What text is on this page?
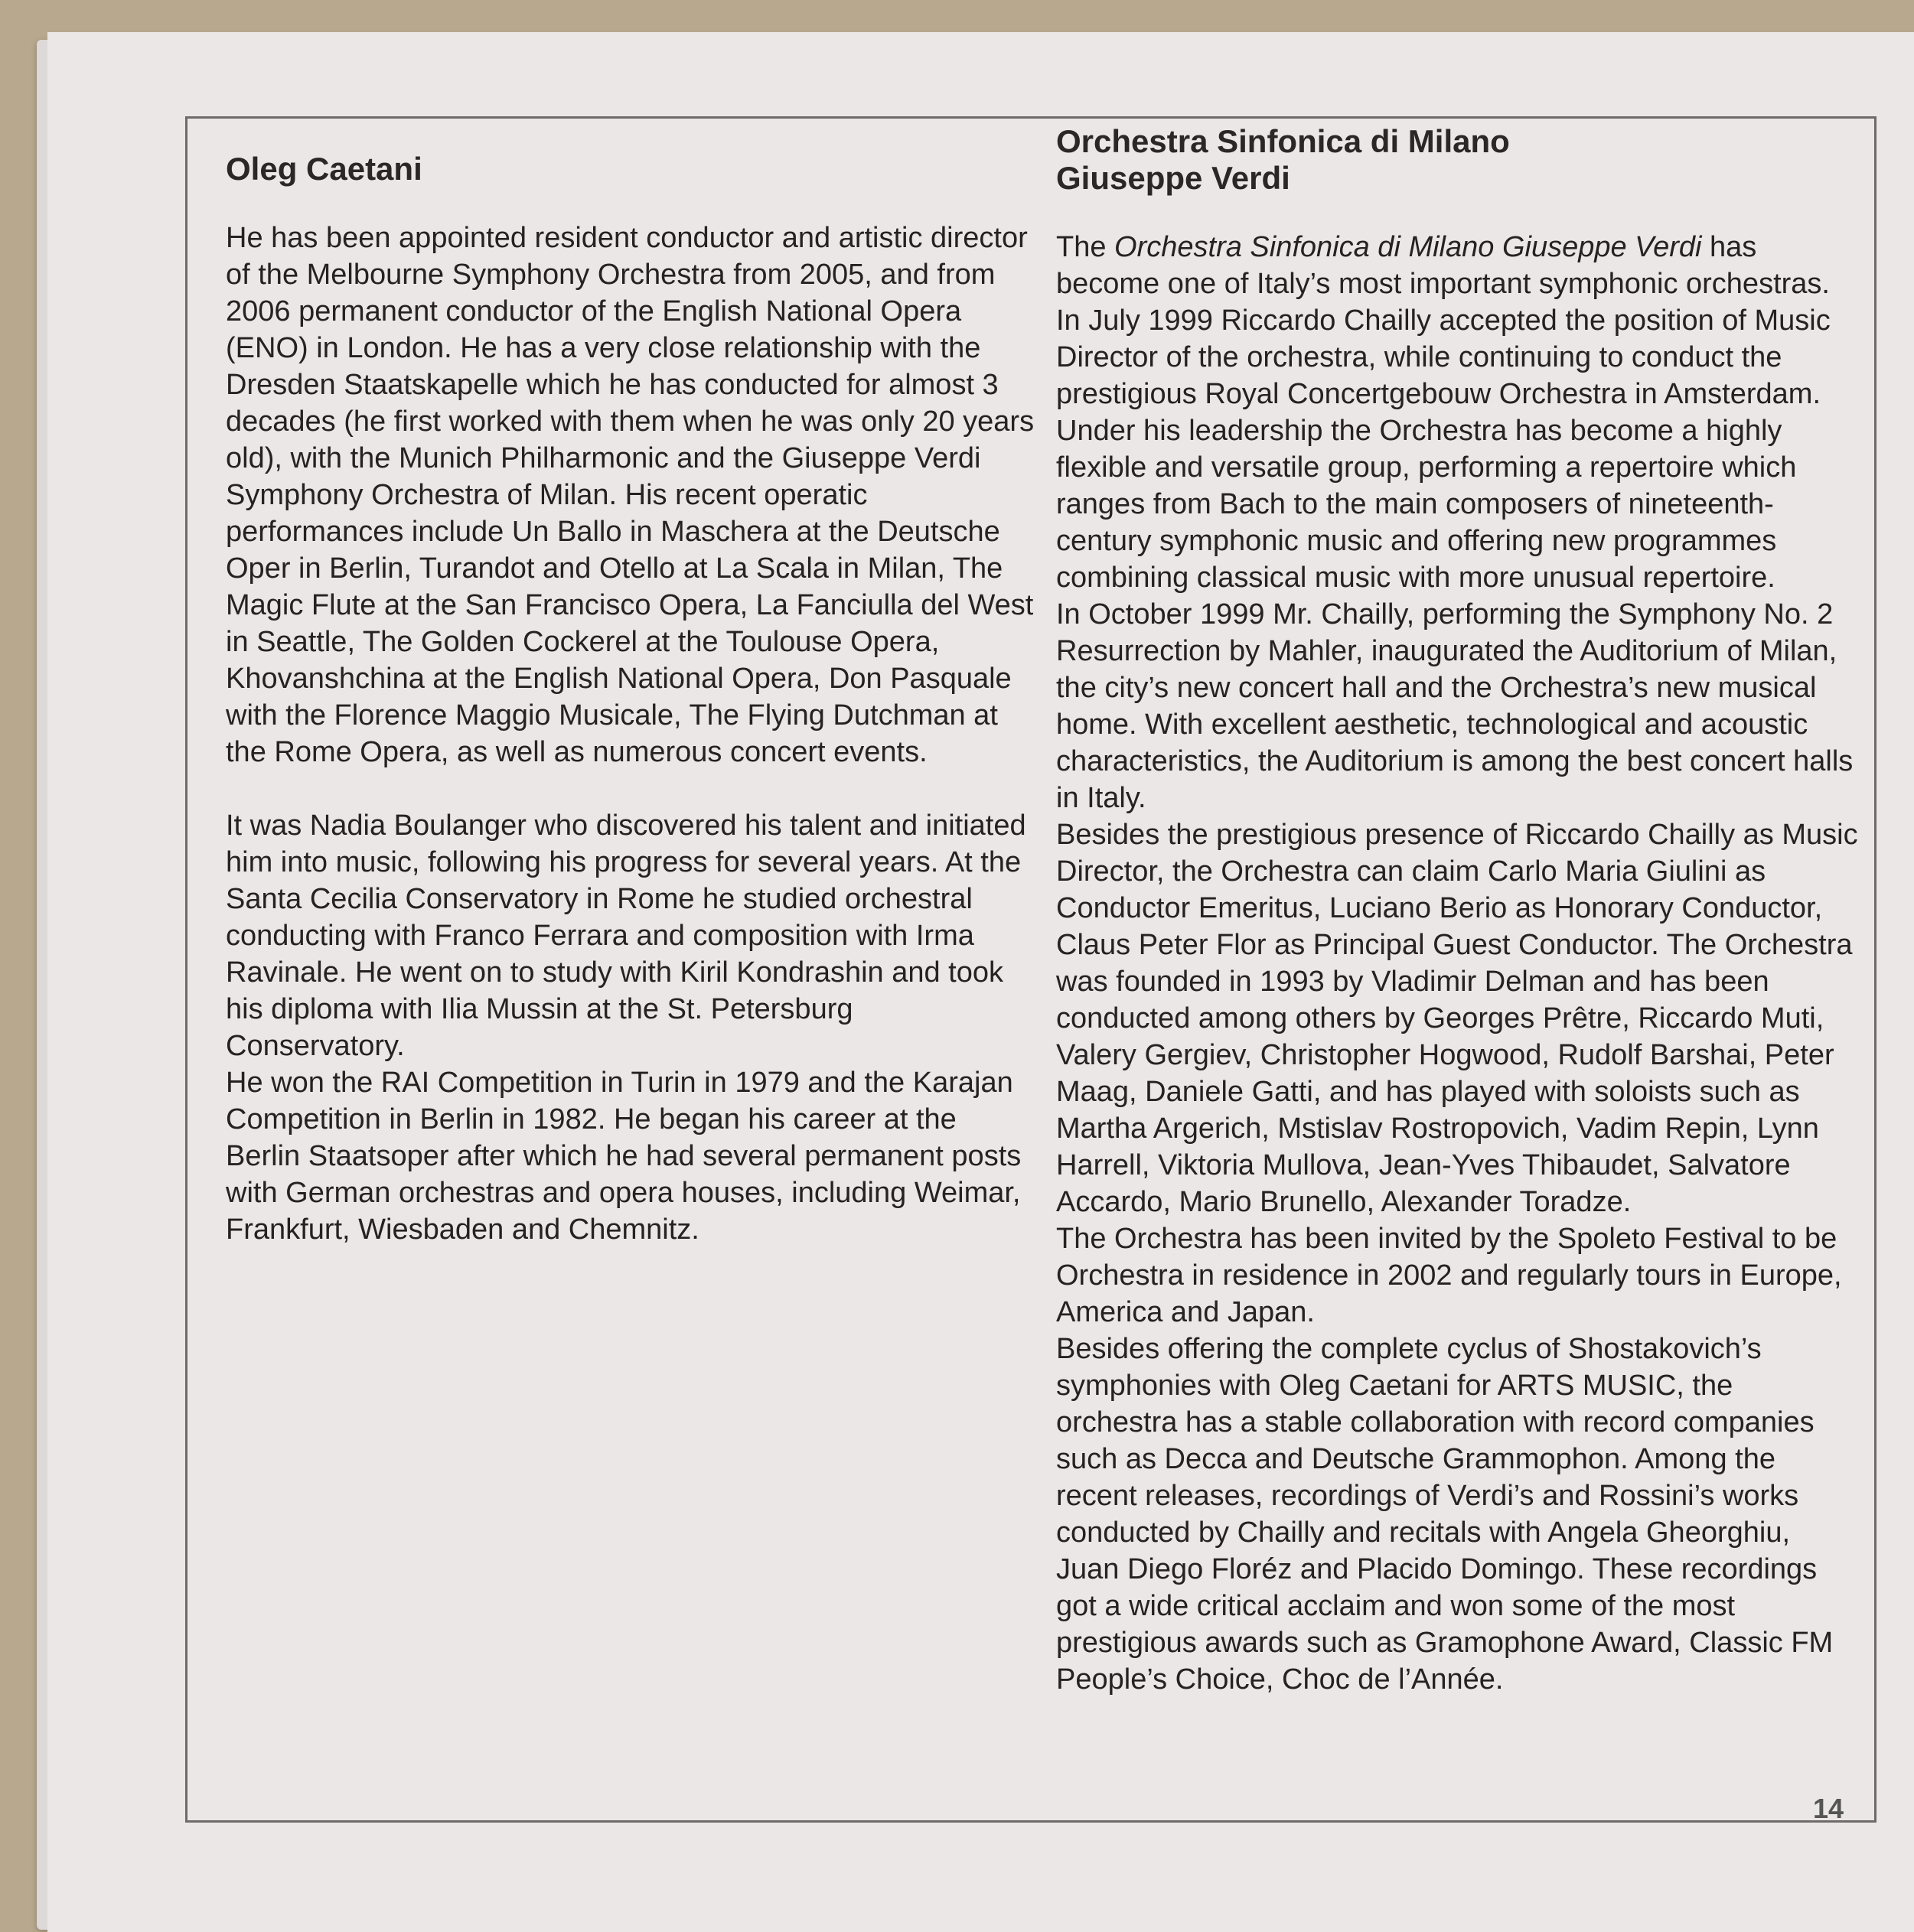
Oleg Caetani

He has been appointed resident conductor and artistic director of the Melbourne Symphony Orchestra from 2005, and from 2006 permanent conductor of the English National Opera (ENO) in London. He has a very close relationship with the Dresden Staatskapelle which he has conducted for almost 3 decades (he first worked with them when he was only 20 years old), with the Munich Philharmonic and the Giuseppe Verdi Symphony Orchestra of Milan. His recent operatic performances include Un Ballo in Maschera at the Deutsche Oper in Berlin, Turandot and Otello at La Scala in Milan, The Magic Flute at the San Francisco Opera, La Fanciulla del West in Seattle, The Golden Cockerel at the Toulouse Opera, Khovanshchina at the English National Opera, Don Pasquale with the Florence Maggio Musicale, The Flying Dutchman at the Rome Opera, as well as numerous concert events.

It was Nadia Boulanger who discovered his talent and initiated him into music, following his progress for several years. At the Santa Cecilia Conservatory in Rome he studied orchestral conducting with Franco Ferrara and composition with Irma Ravinale. He went on to study with Kiril Kondrashin and took his diploma with Ilia Mussin at the St. Petersburg Conservatory.

He won the RAI Competition in Turin in 1979 and the Karajan Competition in Berlin in 1982. He began his career at the Berlin Staatsoper after which he had several permanent posts with German orchestras and opera houses, including Weimar, Frankfurt, Wiesbaden and Chemnitz.

Orchestra Sinfonica di Milano
Giuseppe Verdi

The Orchestra Sinfonica di Milano Giuseppe Verdi has become one of Italy’s most important symphonic orchestras. In July 1999 Riccardo Chailly accepted the position of Music Director of the orchestra, while continuing to conduct the prestigious Royal Concertgebouw Orchestra in Amsterdam. Under his leadership the Orchestra has become a highly flexible and versatile group, performing a repertoire which ranges from Bach to the main composers of nineteenth-century symphonic music and offering new programmes combining classical music with more unusual repertoire.

In October 1999 Mr. Chailly, performing the Symphony No. 2 Resurrection by Mahler, inaugurated the Auditorium of Milan, the city’s new concert hall and the Orchestra’s new musical home. With excellent aesthetic, technological and acoustic characteristics, the Auditorium is among the best concert halls in Italy.

Besides the prestigious presence of Riccardo Chailly as Music Director, the Orchestra can claim Carlo Maria Giulini as Conductor Emeritus, Luciano Berio as Honorary Conductor, Claus Peter Flor as Principal Guest Conductor. The Orchestra was founded in 1993 by Vladimir Delman and has been conducted among others by Georges Prêtre, Riccardo Muti, Valery Gergiev, Christopher Hogwood, Rudolf Barshai, Peter Maag, Daniele Gatti, and has played with soloists such as Martha Argerich, Mstislav Rostropovich, Vadim Repin, Lynn Harrell, Viktoria Mullova, Jean-Yves Thibaudet, Salvatore Accardo, Mario Brunello, Alexander Toradze.

The Orchestra has been invited by the Spoleto Festival to be Orchestra in residence in 2002 and regularly tours in Europe, America and Japan.

Besides offering the complete cyclus of Shostakovich’s symphonies with Oleg Caetani for ARTS MUSIC, the orchestra has a stable collaboration with record companies such as Decca and Deutsche Grammophon. Among the recent releases, recordings of Verdi’s and Rossini’s works conducted by Chailly and recitals with Angela Gheorghiu, Juan Diego Floréz and Placido Domingo. These recordings got a wide critical acclaim and won some of the most prestigious awards such as Gramophone Award, Classic FM People’s Choice, Choc de l’Année.

14
